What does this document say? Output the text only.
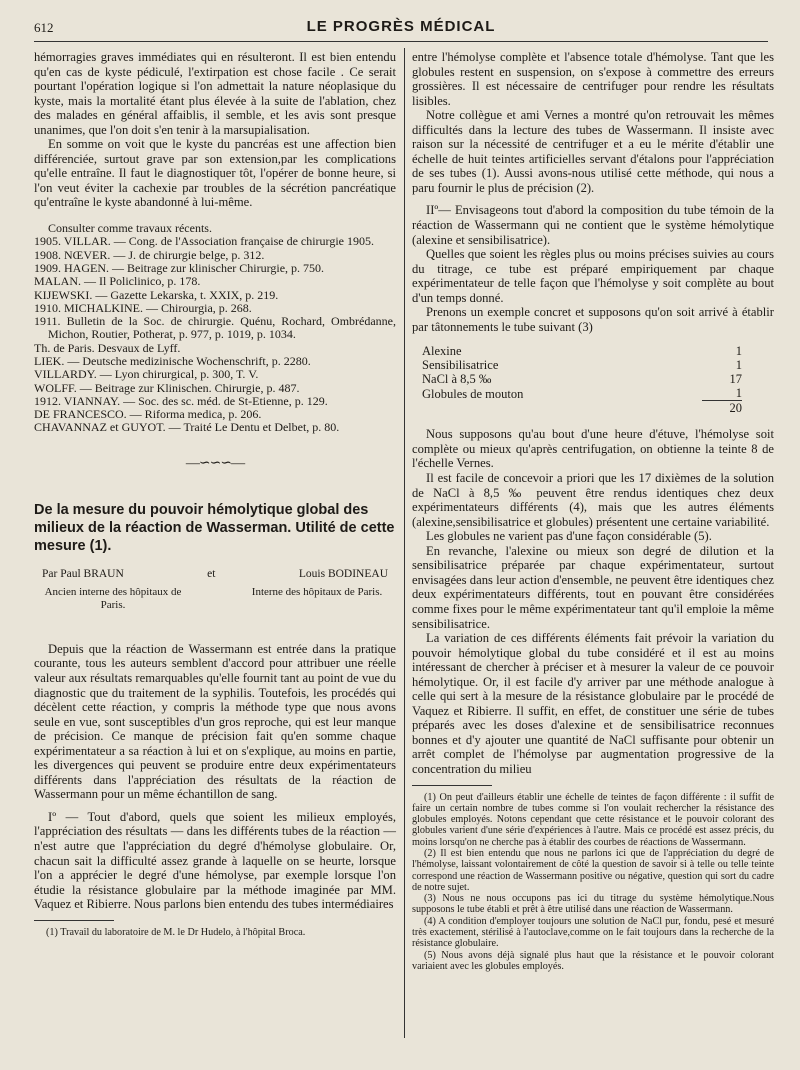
612	LE PROGRÈS MÉDICAL

hémorragies graves immédiates qui en résulteront. Il est bien entendu qu'en cas de kyste pédiculé, l'extirpation est chose facile . Ce serait pourtant l'opération logique si l'on admettait la nature néoplasique du kyste, mais la mortalité étant plus élevée à la suite de l'ablation, chez des malades en général affaiblis, il semble, et les avis sont presque unanimes, que l'on doit s'en tenir à la marsupialisation.

En somme on voit que le kyste du pancréas est une affection bien différenciée, surtout grave par son extension,par les complications qu'elle entraîne. Il faut le diagnostiquer tôt, l'opérer de bonne heure, si l'on veut éviter la cachexie par troubles de la sécrétion pancréatique qu'entraîne le kyste abandonné à lui-même.

Consulter comme travaux récents.

1905. VILLAR. — Cong. de l'Association française de chirurgie 1905.
1908. NŒVER. — J. de chirurgie belge, p. 312.
1909. HAGEN. — Beitrage zur klinischer Chirurgie, p. 750.
MALAN. — Il Policlinico, p. 178.
KIJEWSKI. — Gazette Lekarska, t. XXIX, p. 219.
1910. MICHALKINE. — Chirourgia, p. 268.
1911. Bulletin de la Soc. de chirurgie. Quénu, Rochard, Ombrédanne, Michon, Routier, Potherat, p. 977, p. 1019, p. 1034.
Th. de Paris. Desvaux de Lyff.
LIEK. — Deutsche medizinische Wochenschrift, p. 2280.
VILLARDY. — Lyon chirurgical, p. 300, T. V.
WOLFF. — Beitrage zur Klinischen. Chirurgie, p. 487.
1912. VIANNAY. — Soc. des sc. méd. de St-Etienne, p. 129.
DE FRANCESCO. — Riforma medica, p. 206.
CHAVANNAZ et GUYOT. — Traité Le Dentu et Delbet, p. 80.
—∽∽∽—
De la mesure du pouvoir hémolytique global des milieux de la réaction de Wasserman. Utilité de cette mesure (1).
Par Paul BRAUN	et	Louis BODINEAU
Ancien interne des hôpitaux de Paris.
Interne des hôpitaux de Paris.

Depuis que la réaction de Wassermann est entrée dans la pratique courante, tous les auteurs semblent d'accord pour attribuer une réelle valeur aux résultats remarquables qu'elle fournit tant au point de vue du diagnostic que du traitement de la syphilis. Toutefois, les procédés qui décèlent cette réaction, y compris la méthode type que nous avons seule en vue, sont susceptibles d'un gros reproche, qui est leur manque de précision. Ce manque de précision fait qu'en somme chaque expérimentateur a sa réaction à lui et on s'explique, au moins en partie, les divergences qui peuvent se produire entre deux expérimentateurs différents dans l'appréciation des résultats de la réaction de Wassermann pour un même échantillon de sang.

Iº — Tout d'abord, quels que soient les milieux employés, l'appréciation des résultats — dans les différents tubes de la réaction — n'est autre que l'appréciation du degré d'hémolyse globulaire. Or, chacun sait la difficulté assez grande à laquelle on se heurte, lorsque l'on a apprécier le degré d'une hémolyse, par exemple lorsque l'on étudie la résistance globulaire par la méthode imaginée par MM. Vaquez et Ribierre. Nous parlons bien entendu des tubes intermédiaires

(1) Travail du laboratoire de M. le Dr Hudelo, à l'hôpital Broca.

entre l'hémolyse complète et l'absence totale d'hémolyse. Tant que les globules restent en suspension, on s'expose à commettre des erreurs grossières. Il est nécessaire de centrifuger pour rendre les résultats lisibles.

Notre collègue et ami Vernes a montré qu'on retrouvait les mêmes difficultés dans la lecture des tubes de Wassermann. Il insiste avec raison sur la nécessité de centrifuger et a eu le mérite d'établir une échelle de huit teintes artificielles servant d'étalons pour l'appréciation de ses tubes (1). Aussi avons-nous utilisé cette méthode, qui nous a paru fournir le plus de précision (2).

IIº— Envisageons tout d'abord la composition du tube témoin de la réaction de Wassermann qui ne contient que le système hémolytique (alexine et sensibilisatrice).

Quelles que soient les règles plus ou moins précises suivies au cours du titrage, ce tube est préparé empiriquement par chaque expérimentateur de telle façon que l'hémolyse y soit complète au bout d'un temps donné.

Prenons un exemple concret et supposons qu'on soit arrivé à établir par tâtonnements le tube suivant (3)

Alexine	1
Sensibilisatrice	1
NaCl à 8,5 ‰	17
Globules de mouton	1
	20

Nous supposons qu'au bout d'une heure d'étuve, l'hémolyse soit complète ou mieux qu'après centrifugation, on obtienne la teinte 8 de l'échelle Vernes.

Il est facile de concevoir a priori que les 17 dixièmes de la solution de NaCl à 8,5 ‰ peuvent être rendus identiques chez deux expérimentateurs différents (4), mais que les autres éléments (alexine,sensibilisatrice et globules) présentent une certaine variabilité.

Les globules ne varient pas d'une façon considérable (5).

En revanche, l'alexine ou mieux son degré de dilution et la sensibilisatrice préparée par chaque expérimentateur, surtout envisagées dans leur action d'ensemble, ne peuvent être identiques chez deux expérimentateurs différents, tout en pouvant être considérées comme fixes pour le même expérimentateur tant qu'il emploie la même sensibilisatrice.

La variation de ces différents éléments fait prévoir la variation du pouvoir hémolytique global du tube considéré et il est au moins intéressant de chercher à préciser et à mesurer la valeur de ce pouvoir hémolytique. Or, il est facile d'y arriver par une méthode analogue à celle qui sert à la mesure de la résistance globulaire par le procédé de Vaquez et Ribierre. Il suffit, en effet, de constituer une série de tubes préparés avec les doses d'alexine et de sensibilisatrice reconnues bonnes et d'y ajouter une quantité de NaCl suffisante pour obtenir un arrêt complet de l'hémolyse par augmentation progressive de la concentration du milieu

(1) On peut d'ailleurs établir une échelle de teintes de façon différente : il suffit de faire un certain nombre de tubes comme si l'on voulait rechercher la résistance des globules employés. Notons cependant que cette résistance et le pouvoir colorant des globules varient d'une série d'expériences à l'autre. Mais ce procédé est assez précis, du moins lorsqu'on ne cherche pas à établir des courbes de réactions de Wassermann.

(2) Il est bien entendu que nous ne parlons ici que de l'appréciation du degré de l'hémolyse, laissant volontairement de côté la question de savoir si à telle ou telle teinte correspond une réaction de Wassermann positive ou négative, question qui sort du cadre de notre sujet.

(3) Nous ne nous occupons pas ici du titrage du système hémolytique.Nous supposons le tube établi et prêt à être utilisé dans une réaction de Wassermann.

(4) A condition d'employer toujours une solution de NaCl pur, fondu, pesé et mesuré très exactement, stérilisé à l'autoclave,comme on le fait toujours dans la recherche de la résistance globulaire.

(5) Nous avons déjà signalé plus haut que la résistance et le pouvoir colorant variaient avec les globules employés.
